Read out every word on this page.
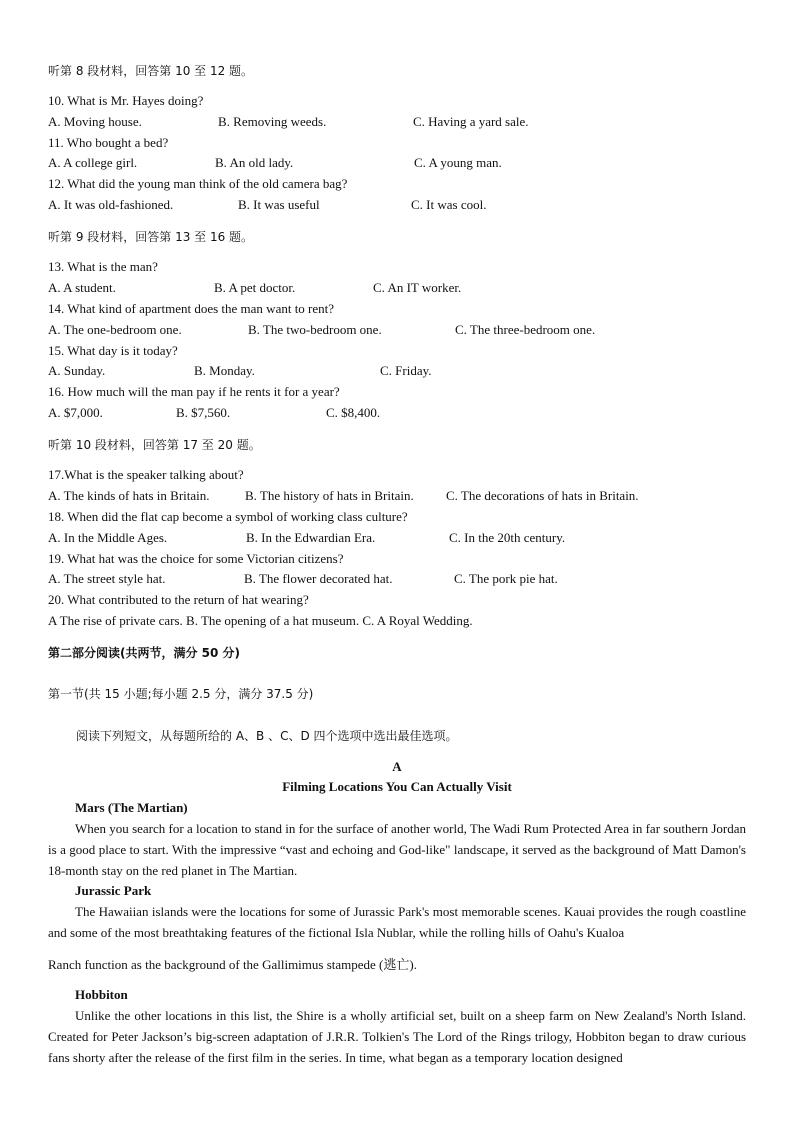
听第 8 段材料，回答第 10 至 12 题。
10. What is Mr. Hayes doing?
A. Moving house.	B. Removing weeds.	C. Having a yard sale.
11. Who bought a bed?
A. A college girl.	B. An old lady.	C. A young man.
12. What did the young man think of the old camera bag?
A. It was old-fashioned.	B. It was useful	C. It was cool.
听第 9 段材料，回答第 13 至 16 题。
13. What is the man?
A. A student.	B. A pet doctor.	C. An IT worker.
14. What kind of apartment does the man want to rent?
A. The one-bedroom one.	B. The two-bedroom one.	C. The three-bedroom one.
15. What day is it today?
A. Sunday.	B. Monday.	C. Friday.
16. How much will the man pay if he rents it for a year?
A. $7,000.	B. $7,560.	C. $8,400.
听第 10 段材料，回答第 17 至 20 题。
17.What is the speaker talking about?
A. The kinds of hats in Britain.	B. The history of hats in Britain. C. The decorations of hats in Britain.
18. When did the flat cap become a symbol of working class culture?
A. In the Middle Ages.	B. In the Edwardian Era.	C. In the 20th century.
19. What hat was the choice for some Victorian citizens?
A. The street style hat.	B. The flower decorated hat.	C. The pork pie hat.
20. What contributed to the return of hat wearing?
A The rise of private cars. B. The opening of a hat museum. C. A Royal Wedding.
第二部分阅读(共两节，满分 50 分)
第一节(共 15 小题;每小题 2.5 分，满分 37.5 分)
阅读下列短文，从每题所给的 A、B 、C、D 四个选项中选出最佳选项。
A
Filming Locations You Can Actually Visit
Mars (The Martian)
When you search for a location to stand in for the surface of another world, The Wadi Rum Protected Area in far southern Jordan is a good place to start. With the impressive “vast and echoing and God-like" landscape, it served as the background of Matt Damon's 18-month stay on the red planet in The Martian.
Jurassic Park
The Hawaiian islands were the locations for some of Jurassic Park's most memorable scenes. Kauai provides the rough coastline and some of the most breathtaking features of the fictional Isla Nublar, while the rolling hills of Oahu's Kualoa
Ranch function as the background of the Gallimimus stampede (逃亡).
Hobbiton
Unlike the other locations in this list, the Shire is a wholly artificial set, built on a sheep farm on New Zealand's North Island. Created for Peter Jackson’s big-screen adaptation of J.R.R. Tolkien's The Lord of the Rings trilogy, Hobbiton began to draw curious fans shorty after the release of the first film in the series. In time, what began as a temporary location designed
